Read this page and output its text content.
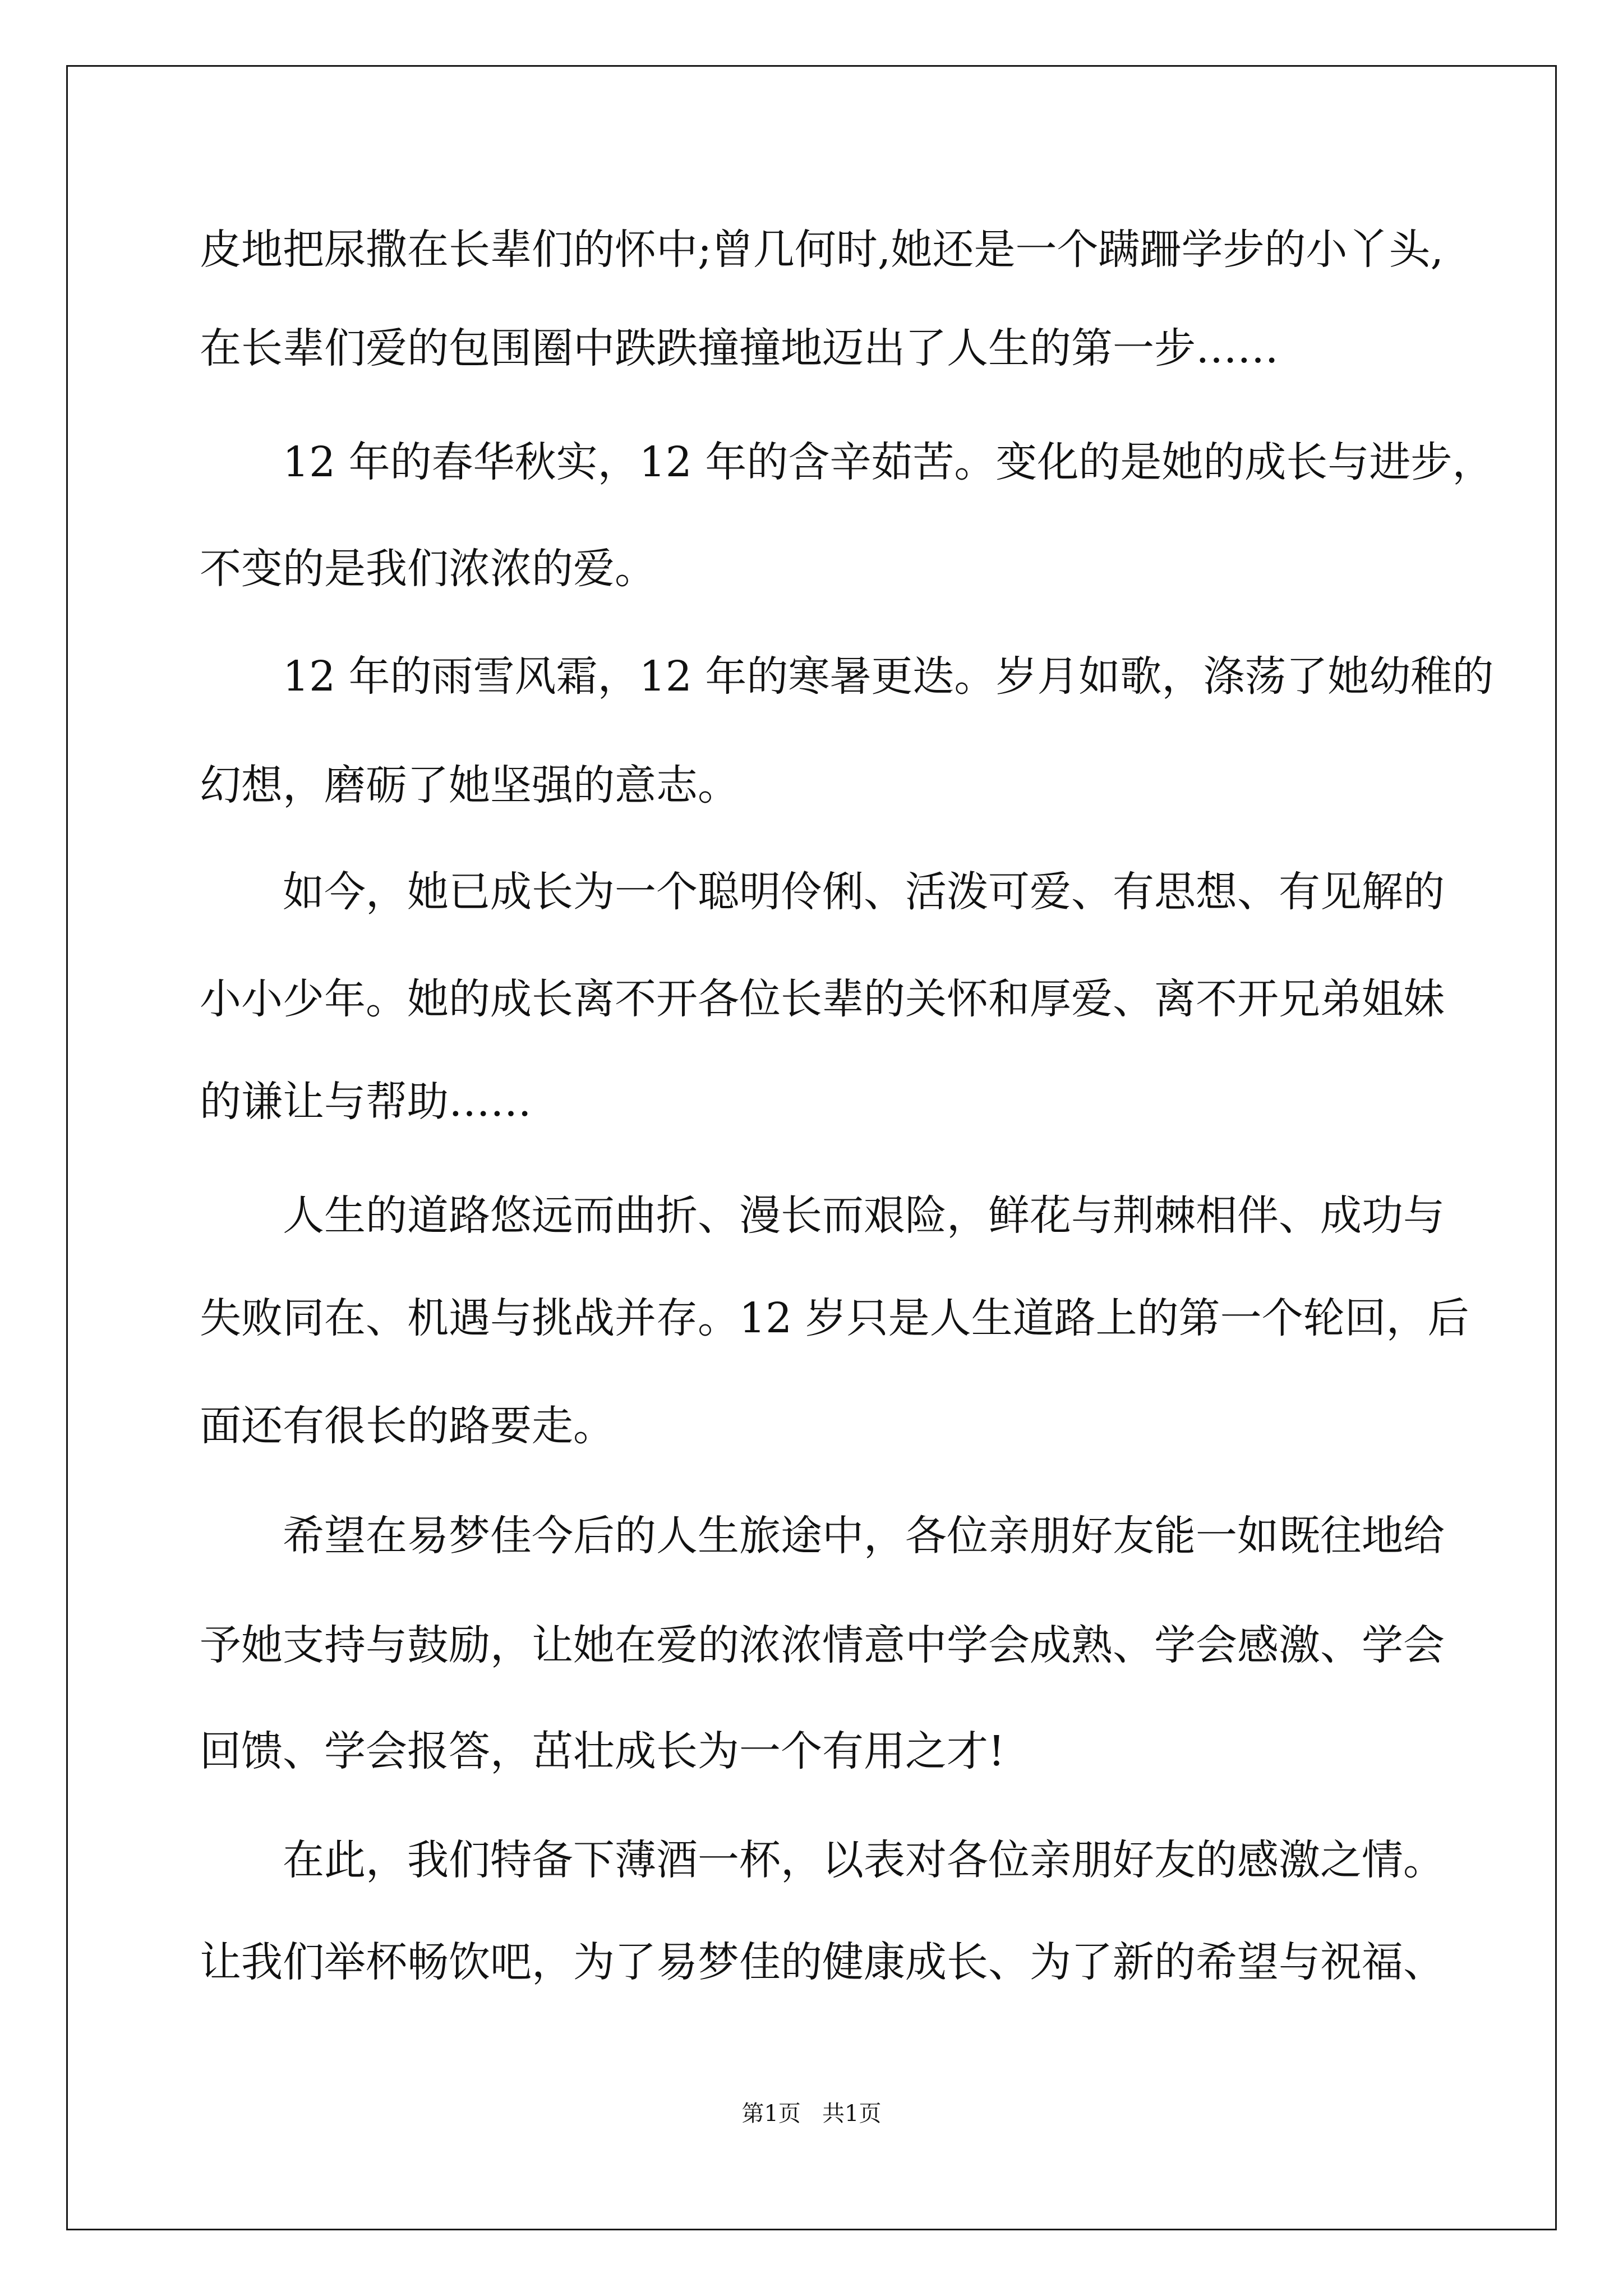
皮地把尿撒在长辈们的怀中;曾几何时,她还是一个蹒跚学步的小丫头,
在长辈们爱的包围圈中跌跌撞撞地迈出了人生的第一步……
12 年的春华秋实，12 年的含辛茹苦。变化的是她的成长与进步，
不变的是我们浓浓的爱。
12 年的雨雪风霜，12 年的寒暑更迭。岁月如歌，涤荡了她幼稚的
幻想，磨砺了她坚强的意志。
如今，她已成长为一个聪明伶俐、活泼可爱、有思想、有见解的
小小少年。她的成长离不开各位长辈的关怀和厚爱、离不开兄弟姐妹
的谦让与帮助……
人生的道路悠远而曲折、漫长而艰险，鲜花与荆棘相伴、成功与
失败同在、机遇与挑战并存。12 岁只是人生道路上的第一个轮回，后
面还有很长的路要走。
希望在易梦佳今后的人生旅途中，各位亲朋好友能一如既往地给
予她支持与鼓励，让她在爱的浓浓情意中学会成熟、学会感激、学会
回馈、学会报答，茁壮成长为一个有用之才!
在此，我们特备下薄酒一杯，以表对各位亲朋好友的感激之情。
让我们举杯畅饮吧，为了易梦佳的健康成长、为了新的希望与祝福、
第1页   共1页
